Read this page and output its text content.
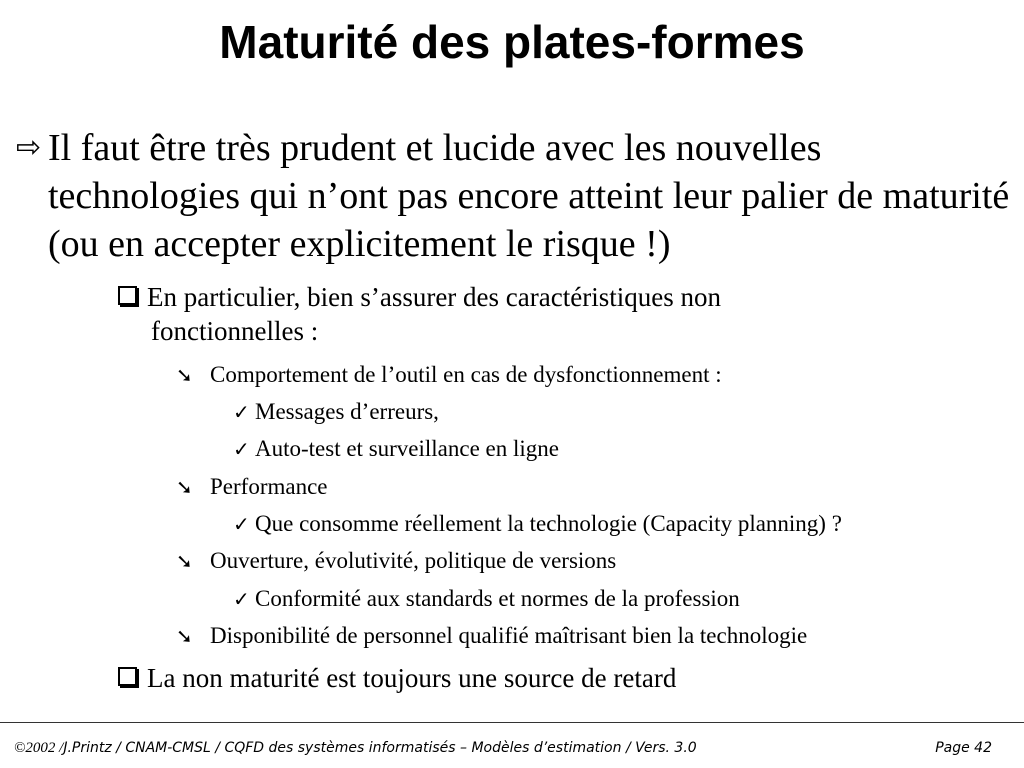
Maturité des plates-formes
⇨ Il faut être très prudent et lucide avec les nouvelles technologies qui n’ont pas encore atteint leur palier de maturité (ou en accepter explicitement le risque !)
En particulier, bien s’assurer des caractéristiques non
fonctionnelles :
➘ Comportement de l’outil en cas de dysfonctionnement :
✓ Messages d’erreurs,
✓ Auto-test et surveillance en ligne
➘ Performance
✓ Que consomme réellement la technologie (Capacity planning) ?
➘ Ouverture, évolutivité, politique de versions
✓ Conformité aux standards et normes de la profession
➘ Disponibilité de personnel qualifié maîtrisant bien la technologie
La non maturité est toujours une source de retard
©2002 /J.Printz / CNAM-CMSL / CQFD des systèmes informatisés – Modèles d’estimation / Vers. 3.0	Page 42
